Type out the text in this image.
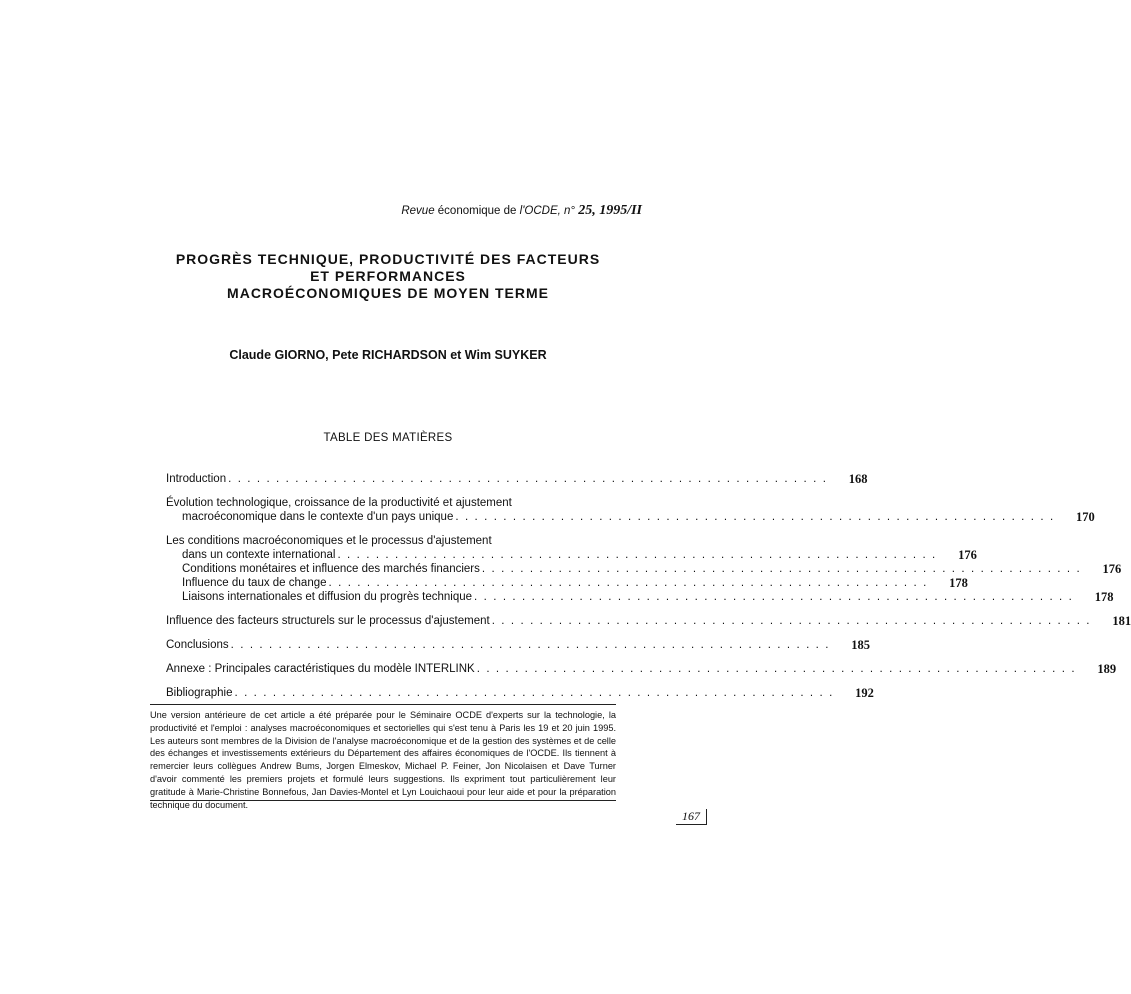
Revue économique de l'OCDE, n° 25, 1995/II
PROGRÈS TECHNIQUE, PRODUCTIVITÉ DES FACTEURS
ET PERFORMANCES
MACROÉCONOMIQUES DE MOYEN TERME
Claude GIORNO, Pete RICHARDSON et Wim SUYKER
TABLE DES MATIÈRES
Introduction . . . . . . . . . . . . . . . . . . . . . . . . . . . . . . . . . . . . . . . . . . . . . . . . . . . . . . . . . . . . . . .	168
Évolution technologique, croissance de la productivité et ajustement
macroéconomique dans le contexte d'un pays unique . . . . . . . . . . . . . . . . . . . . . . . . . . . . . . . . . . . . . . . . . . . . . . . . . . . . . . . . . . . . . . .	170
Les conditions macroéconomiques et le processus d'ajustement
dans un contexte international . . . . . . . . . . . . . . . . . . . . . . . . . . . . . . . . . . . . . . . . . . . . . . . . . . . . . . . . . . . . . . .	176
Conditions monétaires et influence des marchés financiers . . . . . . . . . . . . . . . . . . . . . . . . . . . . . . . . . . . . . . . . . . . . . . . . . . . . . . . . . . . . . . .	176
Influence du taux de change . . . . . . . . . . . . . . . . . . . . . . . . . . . . . . . . . . . . . . . . . . . . . . . . . . . . . . . . . . . . . . .	178
Liaisons internationales et diffusion du progrès technique . . . . . . . . . . . . . . . . . . . . . . . . . . . . . . . . . . . . . . . . . . . . . . . . . . . . . . . . . . . . . . .	178
Influence des facteurs structurels sur le processus d'ajustement . . . . . . . . . . . . . . . . . . . . . . . . . . . . . . . . . . . . . . . . . . . . . . . . . . . . . . . . . . . . . . .	181
Conclusions . . . . . . . . . . . . . . . . . . . . . . . . . . . . . . . . . . . . . . . . . . . . . . . . . . . . . . . . . . . . . . .	185
Annexe : Principales caractéristiques du modèle INTERLINK . . . . . . . . . . . . . . . . . . . . . . . . . . . . . . . . . . . . . . . . . . . . . . . . . . . . . . . . . . . . . . .	189
Bibliographie . . . . . . . . . . . . . . . . . . . . . . . . . . . . . . . . . . . . . . . . . . . . . . . . . . . . . . . . . . . . . . .	192
Une version antérieure de cet article a été préparée pour le Séminaire OCDE d'experts sur la technologie, la productivité et l'emploi : analyses macroéconomiques et sectorielles qui s'est tenu à Paris les 19 et 20 juin 1995. Les auteurs sont membres de la Division de l'analyse macroéconomique et de la gestion des systèmes et de celle des échanges et investissements extérieurs du Département des affaires économiques de l'OCDE. Ils tiennent à remercier leurs collègues Andrew Bums, Jorgen Elmeskov, Michael P. Feiner, Jon Nicolaisen et Dave Turner d'avoir commenté les premiers projets et formulé leurs suggestions. Ils expriment tout particulièrement leur gratitude à Marie-Christine Bonnefous, Jan Davies-Montel et Lyn Louichaoui pour leur aide et pour la préparation technique du document.
167
